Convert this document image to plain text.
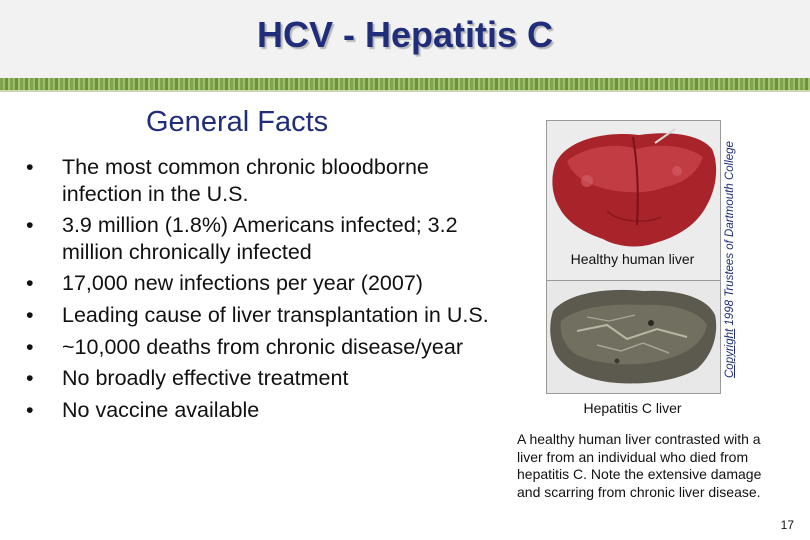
HCV - Hepatitis C
General Facts
• The most common chronic bloodborne infection in the U.S.
• 3.9 million (1.8%) Americans infected; 3.2 million chronically infected
• 17,000 new infections per year (2007)
• Leading cause of liver transplantation in U.S.
• ~10,000 deaths from chronic disease/year
• No broadly effective treatment
• No vaccine available
Healthy human liver
Hepatitis C liver
A healthy human liver contrasted with a liver from an individual who died from hepatitis C. Note the extensive damage and scarring from chronic liver disease.
Copyright 1998 Trustees of Dartmouth College
17
